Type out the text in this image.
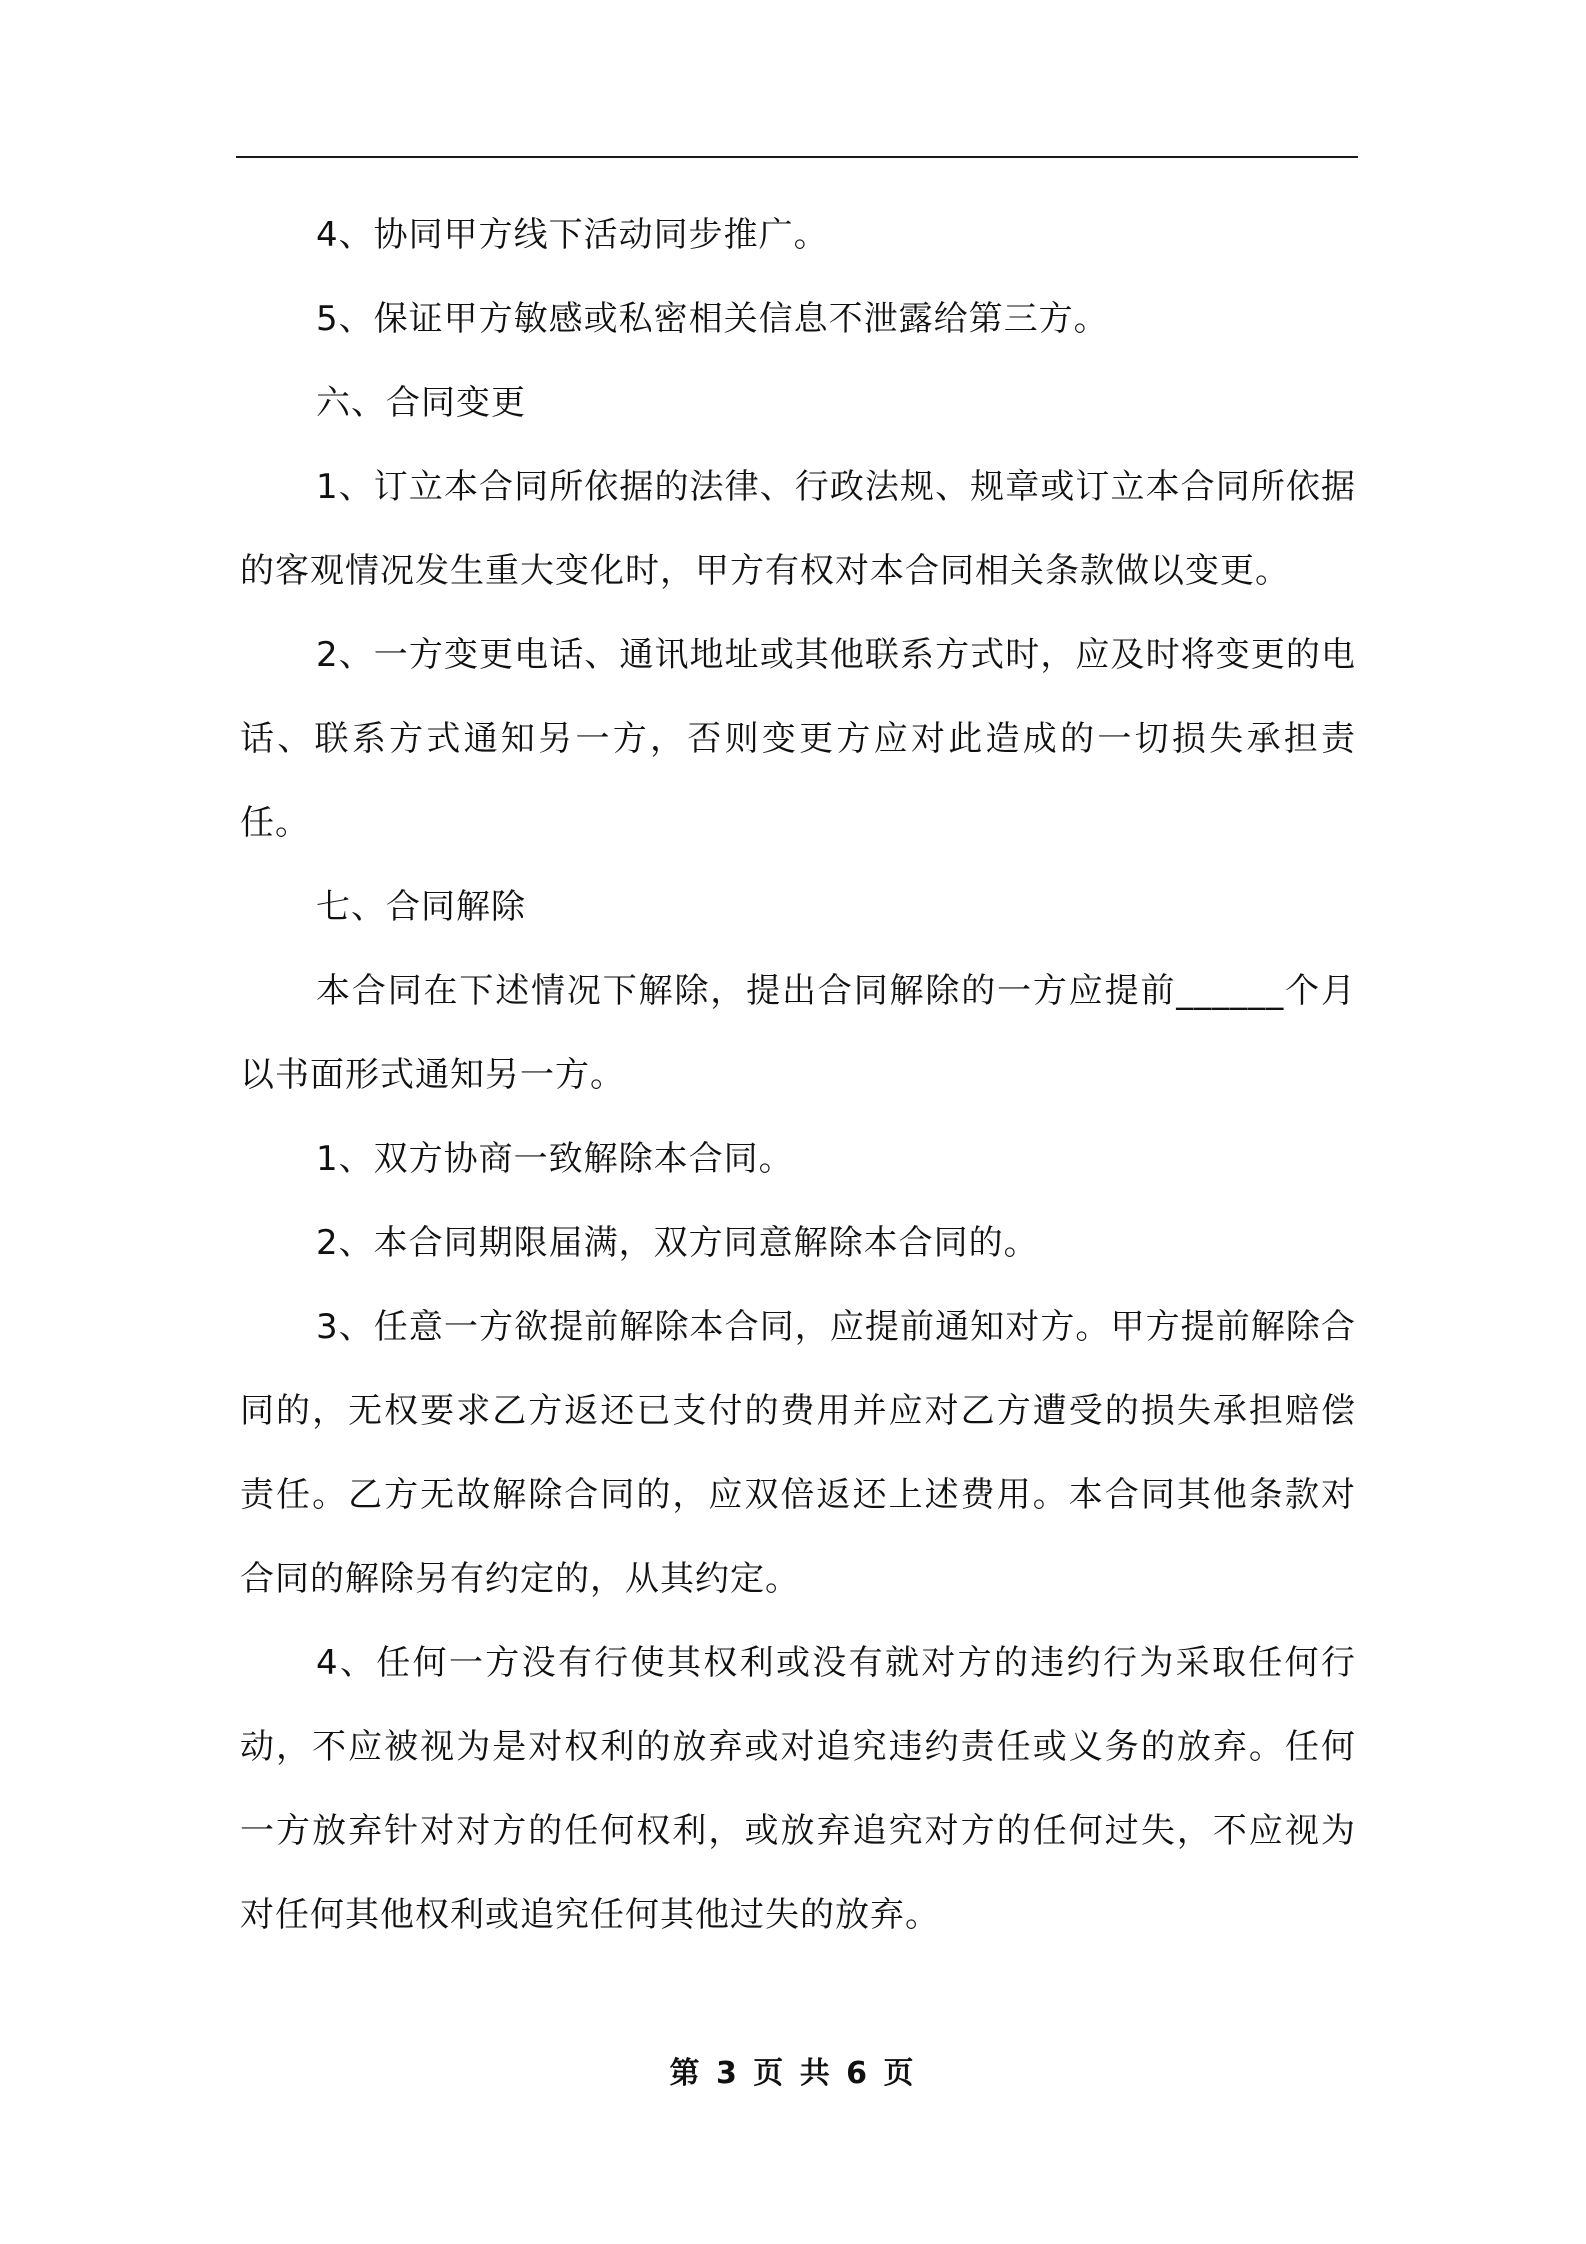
4、协同甲方线下活动同步推广。

5、保证甲方敏感或私密相关信息不泄露给第三方。

六、合同变更

1、订立本合同所依据的法律、行政法规、规章或订立本合同所依据的客观情况发生重大变化时，甲方有权对本合同相关条款做以变更。

2、一方变更电话、通讯地址或其他联系方式时，应及时将变更的电话、联系方式通知另一方，否则变更方应对此造成的一切损失承担责任。

七、合同解除

本合同在下述情况下解除，提出合同解除的一方应提前______个月以书面形式通知另一方。

1、双方协商一致解除本合同。

2、本合同期限届满，双方同意解除本合同的。

3、任意一方欲提前解除本合同，应提前通知对方。甲方提前解除合同的，无权要求乙方返还已支付的费用并应对乙方遭受的损失承担赔偿责任。乙方无故解除合同的，应双倍返还上述费用。本合同其他条款对合同的解除另有约定的，从其约定。

4、任何一方没有行使其权利或没有就对方的违约行为采取任何行动，不应被视为是对权利的放弃或对追究违约责任或义务的放弃。任何一方放弃针对对方的任何权利，或放弃追究对方的任何过失，不应视为对任何其他权利或追究任何其他过失的放弃。

第 3 页 共 6 页
